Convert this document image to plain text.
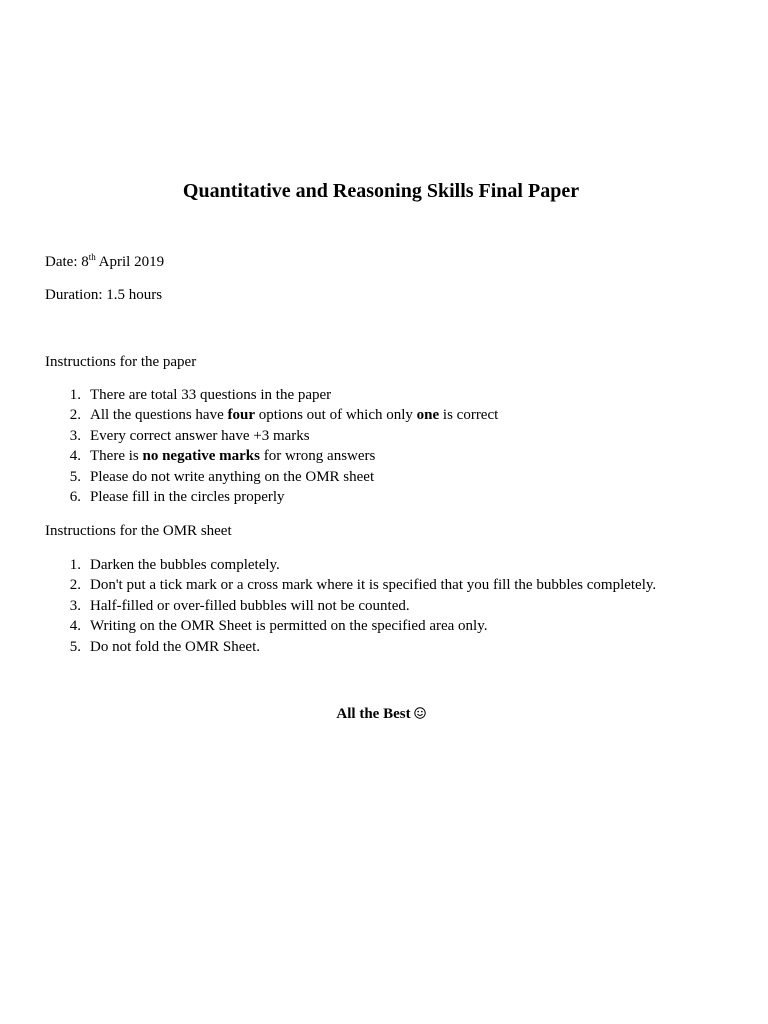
Quantitative and Reasoning Skills Final Paper

Date: 8th April 2019

Duration: 1.5 hours

Instructions for the paper

1. There are total 33 questions in the paper
2. All the questions have four options out of which only one is correct
3. Every correct answer have +3 marks
4. There is no negative marks for wrong answers
5. Please do not write anything on the OMR sheet
6. Please fill in the circles properly

Instructions for the OMR sheet

1. Darken the bubbles completely.
2. Don't put a tick mark or a cross mark where it is specified that you fill the bubbles completely.
3. Half-filled or over-filled bubbles will not be counted.
4. Writing on the OMR Sheet is permitted on the specified area only.
5. Do not fold the OMR Sheet.

All the Best
